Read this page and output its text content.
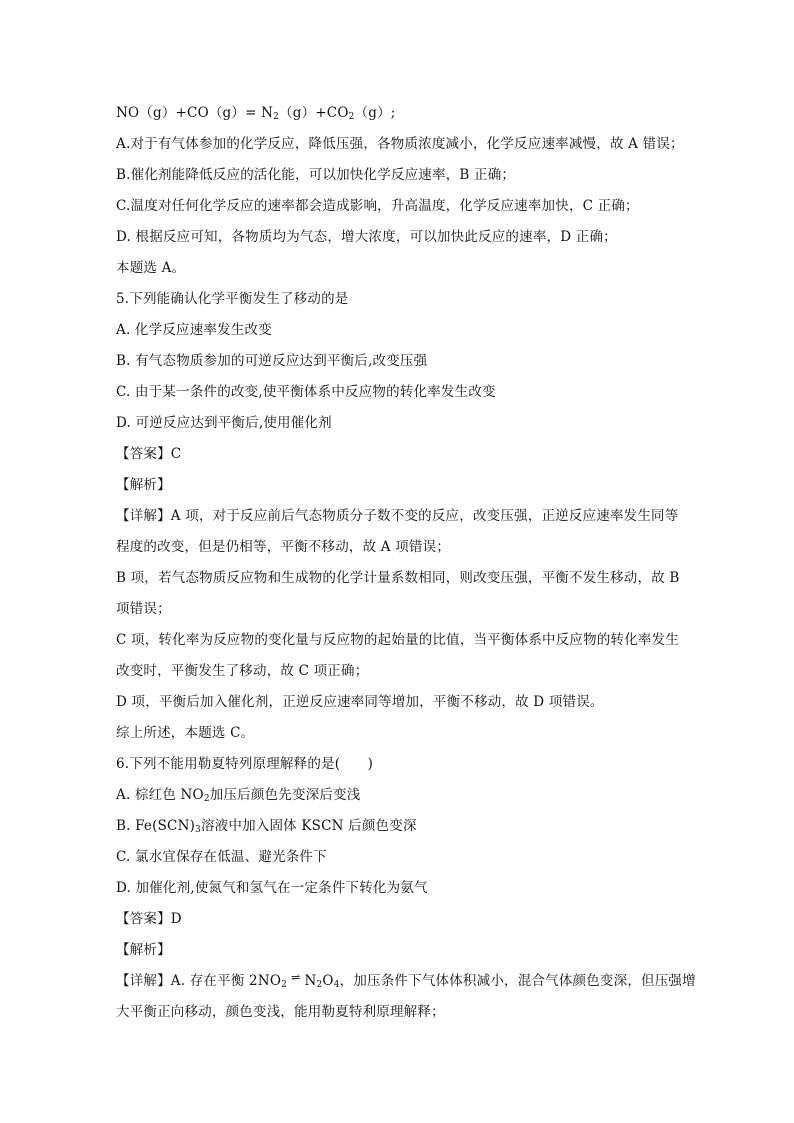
$NO(g)+CO(g)= N_2(g)+CO_2(g)$;
A.对于有气体参加的化学反应，降低压强，各物质浓度减小，化学反应速率减慢，故 A 错误；
B.催化剂能降低反应的活化能，可以加快化学反应速率，B 正确；
C.温度对任何化学反应的速率都会造成影响，升高温度，化学反应速率加快，C 正确；
D. 根据反应可知，各物质均为气态，增大浓度，可以加快此反应的速率，D 正确；
本题选 A。
5.下列能确认化学平衡发生了移动的是
A. 化学反应速率发生改变
B. 有气态物质参加的可逆反应达到平衡后,改变压强
C. 由于某一条件的改变,使平衡体系中反应物的转化率发生改变
D. 可逆反应达到平衡后,使用催化剂
【答案】C
【解析】
【详解】A 项，对于反应前后气态物质分子数不变的反应，改变压强，正逆反应速率发生同等
程度的改变，但是仍相等，平衡不移动，故 A 项错误；
B 项，若气态物质反应物和生成物的化学计量系数相同，则改变压强，平衡不发生移动，故 B
项错误；
C 项，转化率为反应物的变化量与反应物的起始量的比值，当平衡体系中反应物的转化率发生
改变时，平衡发生了移动，故 C 项正确；
D 项，平衡后加入催化剂，正逆反应速率同等增加，平衡不移动，故 D 项错误。
综上所述，本题选 C。
6.下列不能用勒夏特列原理解释的是(　　)
A. 棕红色 $NO_2$加压后颜色先变深后变浅
B. $Fe(SCN)_3$溶液中加入固体 KSCN 后颜色变深
C. 氯水宜保存在低温、避光条件下
D. 加催化剂,使氮气和氢气在一定条件下转化为氨气
【答案】D
【解析】
【详解】A. 存在平衡 $2NO_2\rightleftharpoons$ $N_2O_4$，加压条件下气体体积减小，混合气体颜色变深，但压强增
大平衡正向移动，颜色变浅，能用勒夏特利原理解释；
